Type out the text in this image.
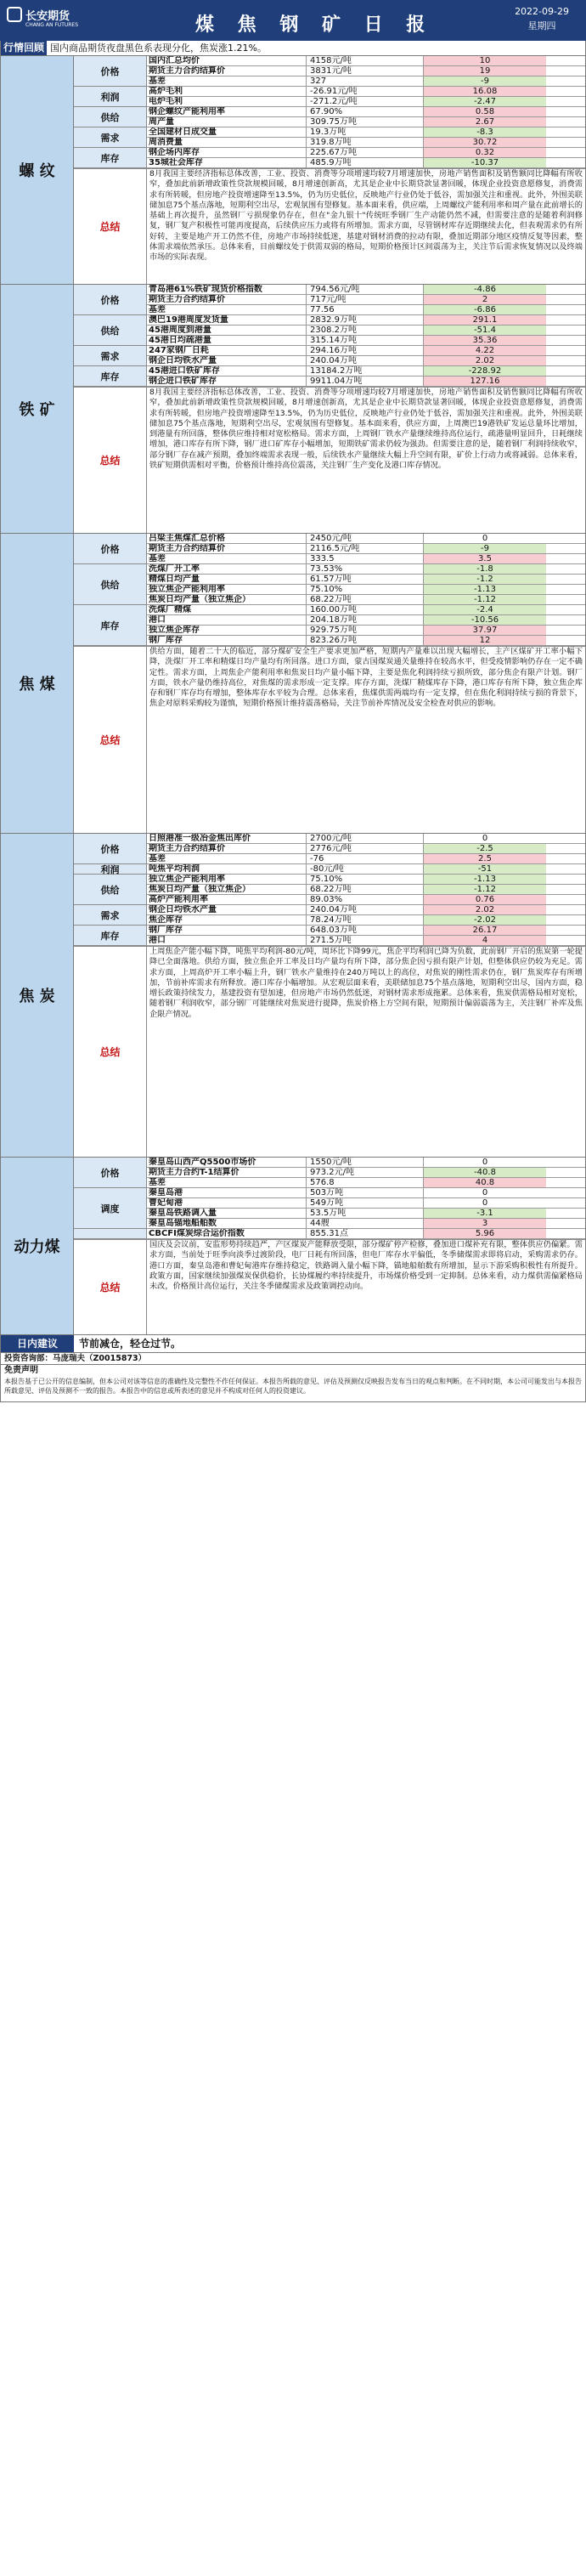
长安期货
CHANG AN FUTURES	煤 焦 钢 矿 日 报
2022-09-29
星期四
行情回顾 国内商品期货夜盘黑色系表现分化，焦炭涨1.21%。
螺 纹
价格
国内汇总均价	4158元/吨	10
期货主力合约结算价	3831元/吨	19
基差	327	-9
利润	高炉毛利	-26.91元/吨	16.08
电炉毛利	-271.2元/吨	-2.47
供给	钢企螺纹产能利用率	67.90%	0.58
周产量	309.75万吨	2.67
需求	全国建材日成交量	19.3万吨	-8.3
周消费量	319.8万吨	30.72
库存	钢企场内库存	225.67万吨	0.32
35城社会库存	485.9万吨	-10.37
总结
8月我国主要经济指标总体改善，工业、投资、消费等分项增速均较7月增速加快，房地产销售面积及销售额同比降幅有所收窄，叠加此前新增政策性贷款规模回暖，8月增速创新高，尤其是企业中长期贷款显著回暖，体现企业投资意愿修复，消费需求有所转暖，但房地产投资增速降至13.5%，仍为历史低位，反映地产行业仍处于低谷，需加强关注和重视。此外，外围美联储加息75个基点落地，短期利空出尽，宏观氛围有望修复。基本面来看，供应端，上周螺纹产能利用率和周产量在此前增长的基础上再次提升，虽然钢厂亏损现象仍存在，但在"金九银十"传统旺季钢厂生产动能仍然不减，但需要注意的是随着利润修复，钢厂复产积极性可能再度提高，后续供应压力或将有所增加。需求方面，尽管钢材库存近期继续去化，但表观需求仍有所好转，主要是地产开工仍然不佳，房地产市场持续低迷，基建对钢材消费的拉动有限，叠加近期部分地区疫情反复等因素，整体需求端依然承压。总体来看，目前螺纹处于供需双弱的格局，短期价格预计区间震荡为主，关注节后需求恢复情况以及终端市场的实际表现。
铁 矿
价格
青岛港61%铁矿现货价格指数	794.56元/吨	-4.86
期货主力合约结算价	717元/吨	2
基差	77.56	-6.86
供给
澳巴19港周度发货量	2832.9万吨	291.1
45港周度到港量	2308.2万吨	-51.4
45港日均疏港量	315.14万吨	35.36
需求	247家钢厂日耗	294.16万吨	4.22
钢企日均铁水产量	240.04万吨	2.02
库存	45港进口铁矿库存	13184.2万吨	-228.92
钢企进口铁矿库存	9911.04万吨	127.16
总结
8月我国主要经济指标总体改善，工业、投资、消费等分项增速均较7月增速加快，房地产销售面积及销售额同比降幅有所收窄，叠加此前新增政策性贷款规模回暖，8月增速创新高，尤其是企业中长期贷款显著回暖，体现企业投资意愿修复，消费需求有所转暖，但房地产投资增速降至13.5%，仍为历史低位，反映地产行业仍处于低谷，需加强关注和重视。此外，外围美联储加息75个基点落地，短期利空出尽，宏观氛围有望修复。基本面来看，供应方面，上周澳巴19港铁矿发运总量环比增加，到港量有所回落，整体供应维持相对宽松格局。需求方面，上周钢厂铁水产量继续维持高位运行，疏港量明显回升，日耗继续增加，港口库存有所下降，钢厂进口矿库存小幅增加，短期铁矿需求仍较为强劲。但需要注意的是，随着钢厂利润持续收窄，部分钢厂存在减产预期，叠加终端需求表现一般，后续铁水产量继续大幅上升空间有限，矿价上行动力或将减弱。总体来看，铁矿短期供需相对平衡，价格预计维持高位震荡，关注钢厂生产变化及港口库存情况。
焦 煤
价格
吕梁主焦煤汇总价格	2450元/吨	0
期货主力合约结算价	2116.5元/吨	-9
基差	333.5	3.5
供给
洗煤厂开工率	73.53%	-1.8
精煤日均产量	61.57万吨	-1.2
独立焦企产能利用率	75.10%	-1.13
焦炭日均产量（独立焦企）	68.22万吨	-1.12
库存
洗煤厂精煤	160.00万吨	-2.4
港口	204.18万吨	-10.56
独立焦企库存	929.75万吨	37.97
钢厂库存	823.26万吨	12
总结
供给方面，随着二十大的临近，部分煤矿安全生产要求更加严格，短期内产量难以出现大幅增长，主产区煤矿开工率小幅下降，洗煤厂开工率和精煤日均产量均有所回落。进口方面，蒙古国煤炭通关量维持在较高水平，但受疫情影响仍存在一定不确定性。需求方面，上周焦企产能利用率和焦炭日均产量小幅下降，主要是焦化利润持续亏损所致，部分焦企有限产计划。钢厂方面，铁水产量仍维持高位，对焦煤的需求形成一定支撑。库存方面，洗煤厂精煤库存下降，港口库存有所下降，独立焦企库存和钢厂库存均有增加，整体库存水平较为合理。总体来看，焦煤供需两端均有一定支撑，但在焦化利润持续亏损的背景下，焦企对原料采购较为谨慎，短期价格预计维持震荡格局，关注节前补库情况及安全检查对供应的影响。
焦 炭
价格
日照港准一级冶金焦出库价	2700元/吨	0
期货主力合约结算价	2776元/吨	-2.5
基差	-76	2.5
利润	吨焦平均利润	-80元/吨	-51
供给
独立焦企产能利用率	75.10%	-1.13
焦炭日均产量（独立焦企）	68.22万吨	-1.12
高炉产能利用率	89.03%	0.76
需求	钢企日均铁水产量	240.04万吨	2.02
焦企库存	78.24万吨	-2.02
库存	钢厂库存	648.03万吨	26.17
港口	271.5万吨	4
总结
上周焦企产能小幅下降，吨焦平均利润-80元/吨，周环比下降99元，焦企平均利润已降为负数，此前钢厂开启的焦炭第一轮提降已全面落地。供给方面，独立焦企开工率及日均产量均有所下降，部分焦企因亏损有限产计划，但整体供应仍较为充足。需求方面，上周高炉开工率小幅上升，钢厂铁水产量维持在240万吨以上的高位，对焦炭的刚性需求仍在，钢厂焦炭库存有所增加，节前补库需求有所释放。港口库存小幅增加。从宏观层面来看，美联储加息75个基点落地，短期利空出尽，国内方面，稳增长政策持续发力，基建投资有望加速，但房地产市场仍然低迷，对钢材需求形成拖累。总体来看，焦炭供需格局相对宽松，随着钢厂利润收窄，部分钢厂可能继续对焦炭进行提降，焦炭价格上方空间有限，短期预计偏弱震荡为主，关注钢厂补库及焦企限产情况。
动力煤
价格
秦皇岛山西产Q5500市场价	1550元/吨	0
期货主力合约T-1结算价	973.2元/吨	-40.8
基差	576.8	40.8
调度
秦皇岛港	503万吨	0
曹妃甸港	549万吨	0
秦皇岛铁路调入量	53.5万吨	-3.1
秦皇岛锚地船舶数	44艘	3
CBCFI煤炭综合运价指数	855.31点	5.96
总结
国庆及会议前，安监形势持续趋严，产区煤炭产能释放受限，部分煤矿停产检修，叠加进口煤补充有限，整体供应仍偏紧。需求方面，当前处于旺季向淡季过渡阶段，电厂日耗有所回落，但电厂库存水平偏低，冬季储煤需求即将启动，采购需求仍存。港口方面，秦皇岛港和曹妃甸港库存维持稳定，铁路调入量小幅下降，锚地船舶数有所增加，显示下游采购积极性有所提升。政策方面，国家继续加强煤炭保供稳价，长协煤履约率持续提升，市场煤价格受到一定抑制。总体来看，动力煤供需偏紧格局未改，价格预计高位运行，关注冬季储煤需求及政策调控动向。
日内建议	节前减仓，轻仓过节。
投资咨询部：马庞瑞夫（Z0015873）
免责声明
本报告基于已公开的信息编制，但本公司对该等信息的准确性及完整性不作任何保证。本报告所载的意见、评估及预测仅反映报告发布当日的观点和判断。在不同时期，本公司可能发出与本报告所载意见、评估及预测不一致的报告。本报告中的信息或所表述的意见并不构成对任何人的投资建议。
